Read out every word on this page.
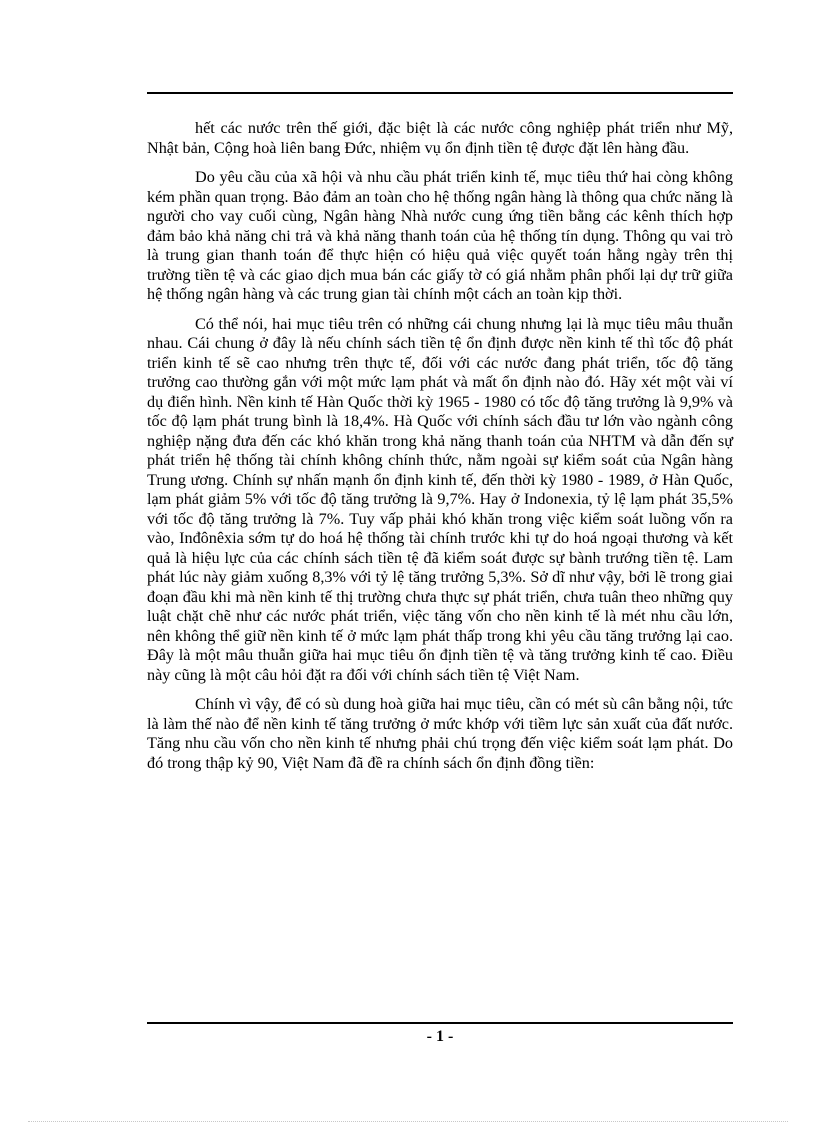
hết các nước trên thế giới, đặc biệt là các nước công nghiệp phát triển như Mỹ, Nhật bản, Cộng hoà liên bang Đức, nhiệm vụ ổn định tiền tệ được đặt lên hàng đầu.

Do yêu cầu của xã hội và nhu cầu phát triển kinh tế, mục tiêu thứ hai còng không kém phần quan trọng. Bảo đảm an toàn cho hệ thống ngân hàng là thông qua chức năng là người cho vay cuối cùng, Ngân hàng Nhà nước cung ứng tiền bằng các kênh thích hợp đảm bảo khả năng chi trả và khả năng thanh toán của hệ thống tín dụng. Thông qu vai trò là trung gian thanh toán để thực hiện có hiệu quả việc quyết toán hằng ngày trên thị trường tiền tệ và các giao dịch mua bán các giấy tờ có giá nhằm phân phối lại dự trữ giữa hệ thống ngân hàng và các trung gian tài chính một cách an toàn kịp thời.

Có thể nói, hai mục tiêu trên có những cái chung nhưng lại là mục tiêu mâu thuẫn nhau. Cái chung ở đây là nếu chính sách tiền tệ ổn định được nền kinh tế thì tốc độ phát triển kinh tế sẽ cao nhưng trên thực tế, đối với các nước đang phát triển, tốc độ tăng trưởng cao thường gắn với một mức lạm phát và mất ổn định nào đó. Hãy xét một vài ví dụ điển hình. Nền kinh tế Hàn Quốc thời kỳ 1965 - 1980 có tốc độ tăng trưởng là 9,9% và tốc độ lạm phát trung bình là 18,4%. Hà Quốc với chính sách đầu tư lớn vào ngành công nghiệp nặng đưa đến các khó khăn trong khả năng thanh toán của NHTM và dẫn đến sự phát triển hệ thống tài chính không chính thức, nằm ngoài sự kiểm soát của Ngân hàng Trung ương. Chính sự nhấn mạnh ổn định kinh tế, đến thời kỳ 1980 - 1989, ở Hàn Quốc, lạm phát giảm 5% với tốc độ tăng trưởng là 9,7%. Hay ở Indonexia, tỷ lệ lạm phát 35,5% với tốc độ tăng trưởng là 7%. Tuy vấp phải khó khăn trong việc kiểm soát luồng vốn ra vào, Inđônêxia sớm tự do hoá hệ thống tài chính trước khi tự do hoá ngoại thương và kết quả là hiệu lực của các chính sách tiền tệ đã kiểm soát được sự bành trướng tiền tệ. Lam phát lúc này giảm xuống 8,3% với tỷ lệ tăng trưởng 5,3%. Sở dĩ như vậy, bởi lẽ trong giai đoạn đầu khi mà nền kinh tế thị trường chưa thực sự phát triển, chưa tuân theo những quy luật chặt chẽ như các nước phát triển, việc tăng vốn cho nền kinh tế là mét nhu cầu lớn, nên không thể giữ nền kinh tế ở mức lạm phát thấp trong khi yêu cầu tăng trưởng lại cao. Đây là một mâu thuẫn giữa hai mục tiêu ổn định tiền tệ và tăng trưởng kinh tế cao. Điều này cũng là một câu hỏi đặt ra đối với chính sách tiền tệ Việt Nam.

Chính vì vậy, để có sù dung hoà giữa hai mục tiêu, cần có mét sù cân bằng nội, tức là làm thế nào để nền kinh tế tăng trưởng ở mức khớp với tiềm lực sản xuất của đất nước. Tăng nhu cầu vốn cho nền kinh tế nhưng phải chú trọng đến việc kiểm soát lạm phát. Do đó trong thập kỷ 90, Việt Nam đã đề ra chính sách ổn định đồng tiền:

- 1 -
